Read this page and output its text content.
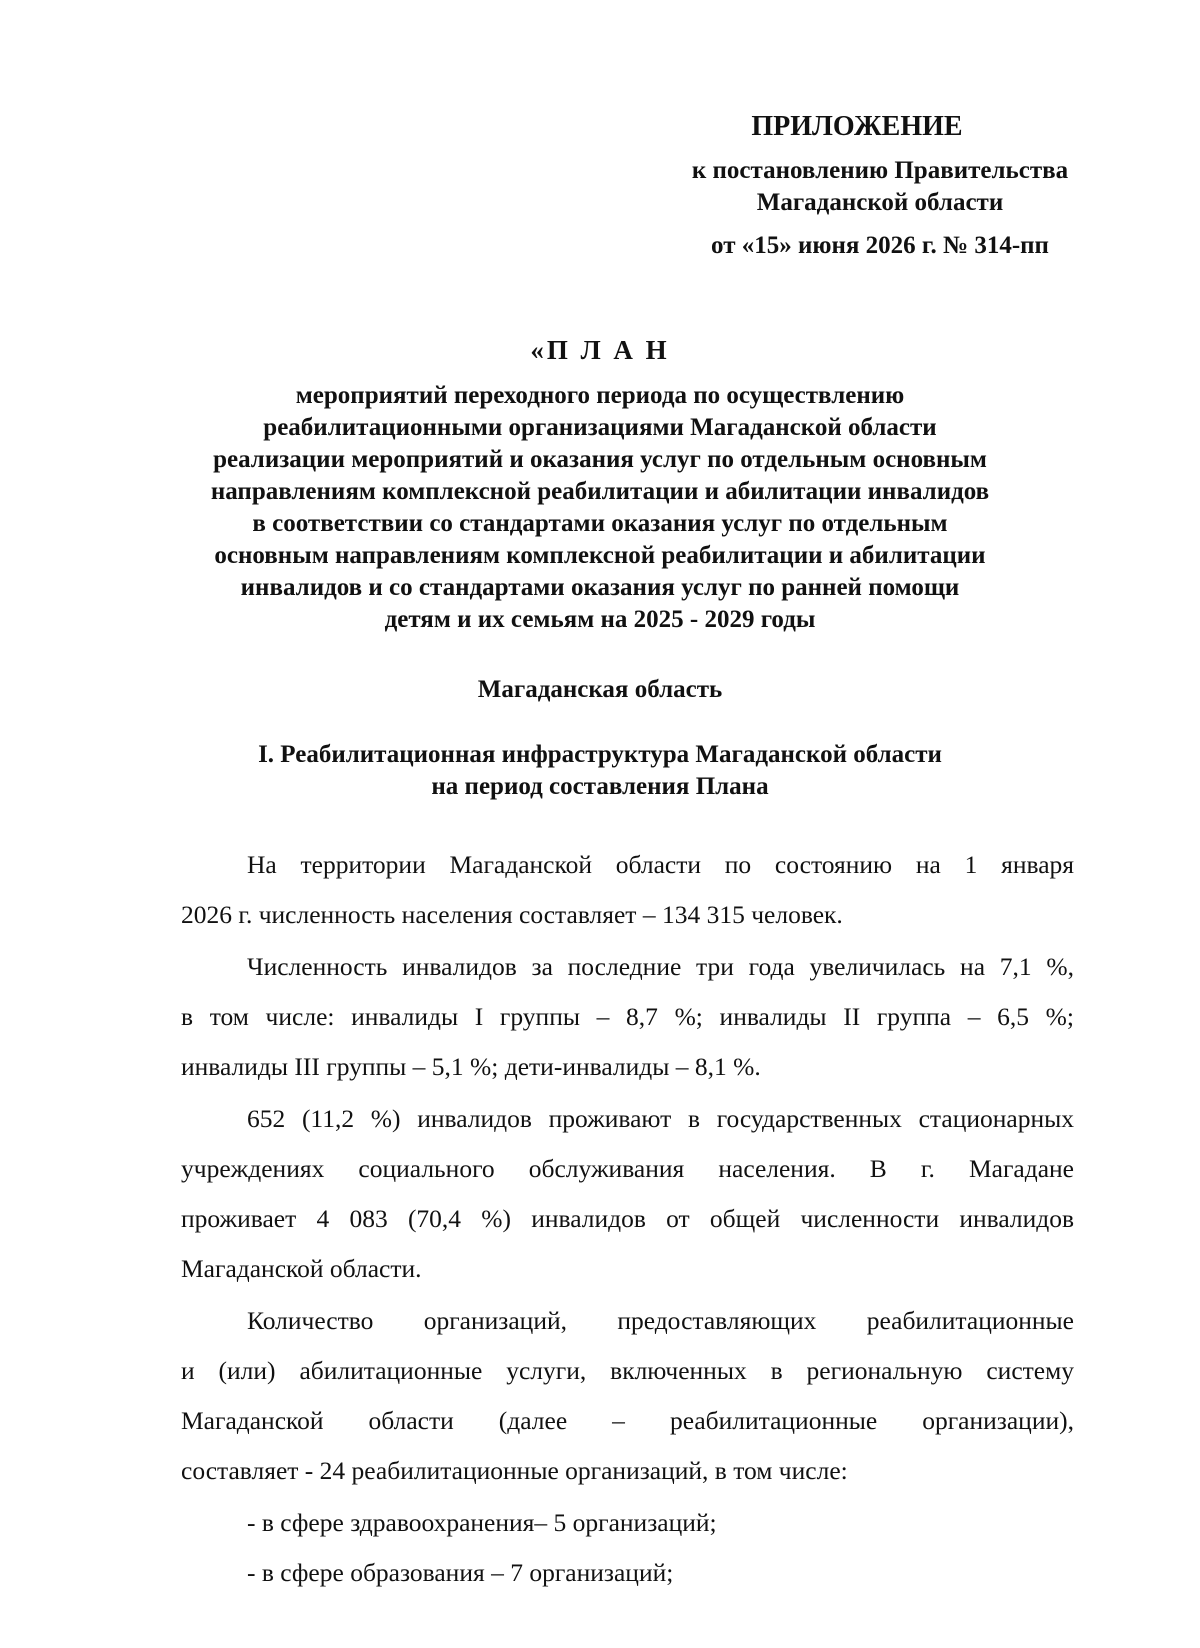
ПРИЛОЖЕНИЕ
к постановлению Правительства
Магаданской области
от «15» июня 2026 г. № 314-пп
«П Л А Н
мероприятий переходного периода по осуществлению
реабилитационными организациями Магаданской области
реализации мероприятий и оказания услуг по отдельным основным
направлениям комплексной реабилитации и абилитации инвалидов
в соответствии со стандартами оказания услуг по отдельным
основным направлениям комплексной реабилитации и абилитации
инвалидов и со стандартами оказания услуг по ранней помощи
детям и их семьям на 2025 - 2029 годы
Магаданская область
I. Реабилитационная инфраструктура Магаданской области
на период составления Плана
На территории Магаданской области по состоянию на 1 января
2026 г. численность населения составляет – 134 315 человек.
Численность инвалидов за последние три года увеличилась на 7,1 %,
в том числе: инвалиды I группы – 8,7 %; инвалиды II группа – 6,5 %;
инвалиды III группы – 5,1 %; дети-инвалиды – 8,1 %.
652 (11,2 %) инвалидов проживают в государственных стационарных
учреждениях социального обслуживания населения. В г. Магадане
проживает 4 083 (70,4 %) инвалидов от общей численности инвалидов
Магаданской области.
Количество организаций, предоставляющих реабилитационные
и (или) абилитационные услуги, включенных в региональную систему
Магаданской области (далее – реабилитационные организации),
составляет - 24 реабилитационные организаций, в том числе:
- в сфере здравоохранения– 5 организаций;
- в сфере образования – 7 организаций;
